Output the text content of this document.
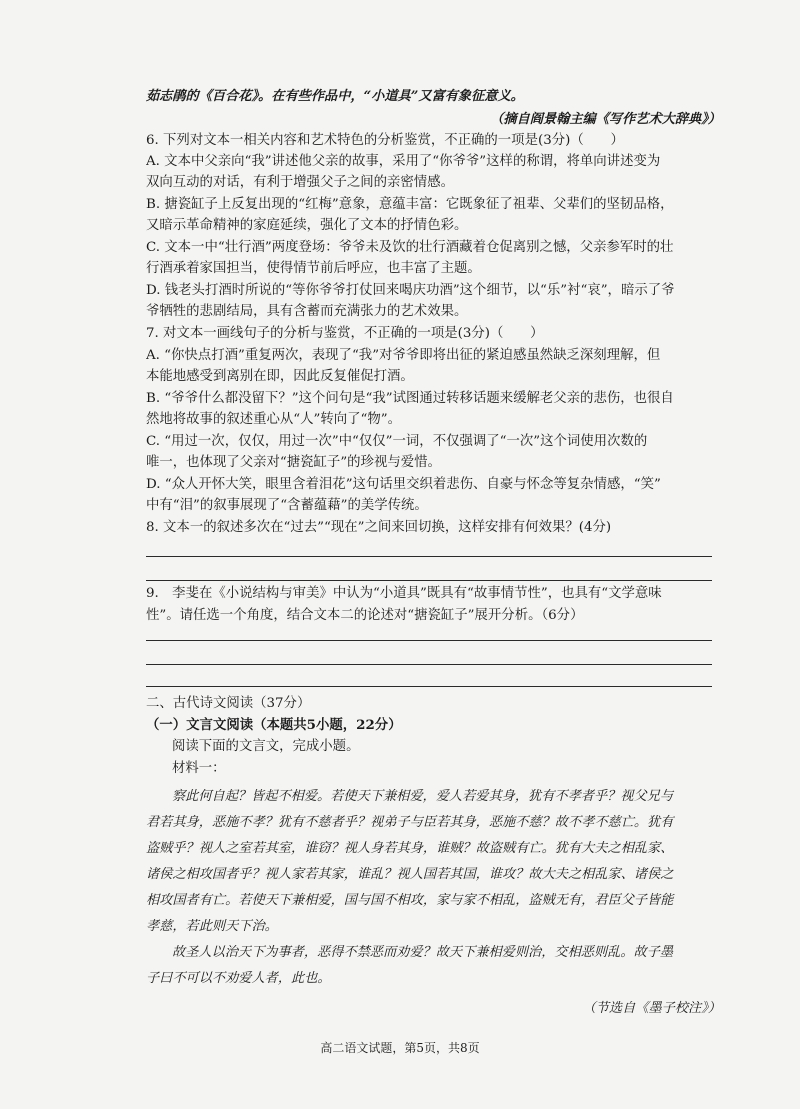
茹志鹃的《百合花》。在有些作品中，“小道具”又富有象征意义。
（摘自阎景翰主编《写作艺术大辞典》）
6. 下列对文本一相关内容和艺术特色的分析鉴赏，不正确的一项是(3分)（　　）
A. 文本中父亲向“我”讲述他父亲的故事，采用了“你爷爷”这样的称谓，将单向讲述变为
双向互动的对话，有利于增强父子之间的亲密情感。
B. 搪瓷缸子上反复出现的“红梅”意象，意蕴丰富：它既象征了祖辈、父辈们的坚韧品格，
又暗示革命精神的家庭延续，强化了文本的抒情色彩。
C. 文本一中“壮行酒”两度登场：爷爷未及饮的壮行酒藏着仓促离别之憾，父亲参军时的壮
行酒承着家国担当，使得情节前后呼应，也丰富了主题。
D. 钱老头打酒时所说的“等你爷爷打仗回来喝庆功酒”这个细节，以“乐”衬“哀”，暗示了爷
爷牺牲的悲剧结局，具有含蓄而充满张力的艺术效果。
7. 对文本一画线句子的分析与鉴赏，不正确的一项是(3分)（　　）
A. “你快点打酒”重复两次，表现了“我”对爷爷即将出征的紧迫感虽然缺乏深刻理解，但
本能地感受到离别在即，因此反复催促打酒。
B. “爷爷什么都没留下？”这个问句是“我”试图通过转移话题来缓解老父亲的悲伤，也很自
然地将故事的叙述重心从“人”转向了“物”。
C. “用过一次，仅仅，用过一次”中“仅仅”一词，不仅强调了“一次”这个词使用次数的
唯一，也体现了父亲对“搪瓷缸子”的珍视与爱惜。
D. “众人开怀大笑，眼里含着泪花”这句话里交织着悲伤、自豪与怀念等复杂情感，“笑”
中有“泪”的叙事展现了“含蓄蕴藉”的美学传统。
8. 文本一的叙述多次在“过去”“现在”之间来回切换，这样安排有何效果？(4分)
9.　李斐在《小说结构与审美》中认为“小道具”既具有“故事情节性”，也具有“文学意味
性”。请任选一个角度，结合文本二的论述对“搪瓷缸子”展开分析。（6分）
二、古代诗文阅读（37分）
（一）文言文阅读（本题共5小题，22分）
阅读下面的文言文，完成小题。
材料一：
察此何自起？皆起不相爱。若使天下兼相爱，爱人若爱其身，犹有不孝者乎？视父兄与
君若其身，恶施不孝？犹有不慈者乎？视弟子与臣若其身，恶施不慈？故不孝不慈亡。犹有
盗贼乎？视人之室若其室，谁窃？视人身若其身，谁贼？故盗贼有亡。犹有大夫之相乱家、
诸侯之相攻国者乎？视人家若其家，谁乱？视人国若其国，谁攻？故大夫之相乱家、诸侯之
相攻国者有亡。若使天下兼相爱，国与国不相攻，家与家不相乱，盗贼无有，君臣父子皆能
孝慈，若此则天下治。
故圣人以治天下为事者，恶得不禁恶而劝爱？故天下兼相爱则治，交相恶则乱。故子墨
子曰不可以不劝爱人者，此也。
（节选自《墨子校注》）
高二语文试题，第5页，共8页
